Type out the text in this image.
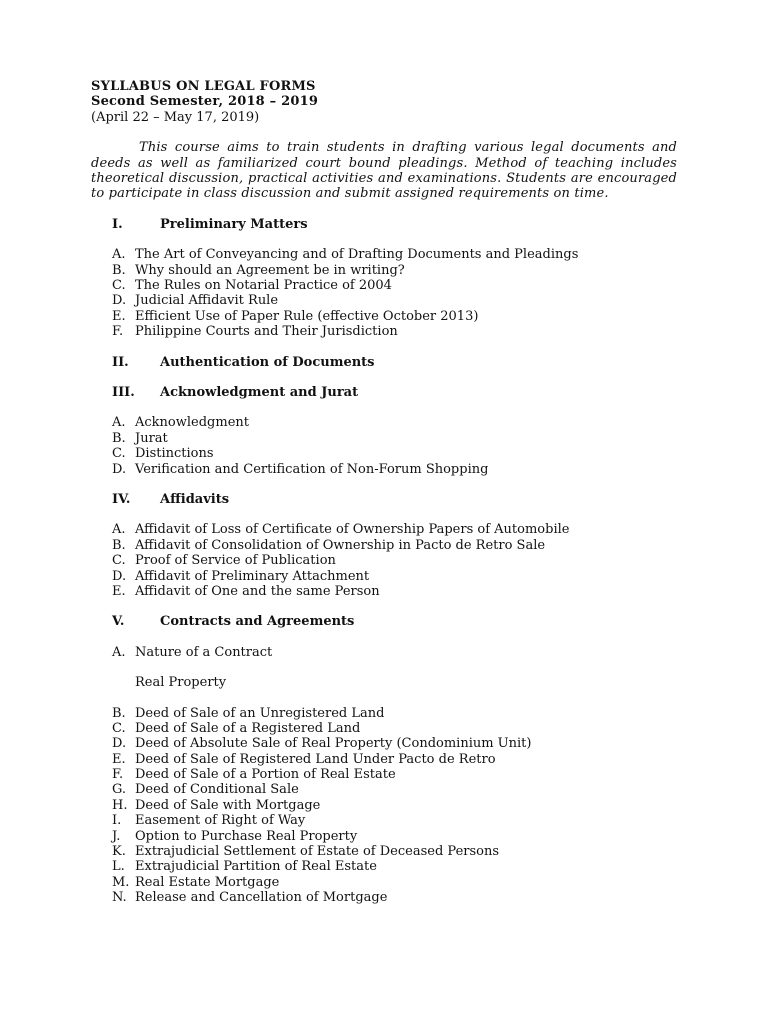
SYLLABUS ON LEGAL FORMS
Second Semester, 2018 – 2019
(April 22 – May 17, 2019)
This course aims to train students in drafting various legal documents and deeds as well as familiarized court bound pleadings. Method of teaching includes theoretical discussion, practical activities and examinations. Students are encouraged to participate in class discussion and submit assigned requirements on time.
I.	Preliminary Matters
A. The Art of Conveyancing and of Drafting Documents and Pleadings
B. Why should an Agreement be in writing?
C. The Rules on Notarial Practice of 2004
D. Judicial Affidavit Rule
E. Efficient Use of Paper Rule (effective October 2013)
F. Philippine Courts and Their Jurisdiction
II.	Authentication of Documents
III.	Acknowledgment and Jurat
A. Acknowledgment
B. Jurat
C. Distinctions
D. Verification and Certification of Non-Forum Shopping
IV.	Affidavits
A. Affidavit of Loss of Certificate of Ownership Papers of Automobile
B. Affidavit of Consolidation of Ownership in Pacto de Retro Sale
C. Proof of Service of Publication
D. Affidavit of Preliminary Attachment
E. Affidavit of One and the same Person
V.	Contracts and Agreements
A. Nature of a Contract
Real Property
B. Deed of Sale of an Unregistered Land
C. Deed of Sale of a Registered Land
D. Deed of Absolute Sale of Real Property (Condominium Unit)
E. Deed of Sale of Registered Land Under Pacto de Retro
F. Deed of Sale of a Portion of Real Estate
G. Deed of Conditional Sale
H. Deed of Sale with Mortgage
I.	Easement of Right of Way
J.	Option to Purchase Real Property
K. Extrajudicial Settlement of Estate of Deceased Persons
L. Extrajudicial Partition of Real Estate
M. Real Estate Mortgage
N. Release and Cancellation of Mortgage
